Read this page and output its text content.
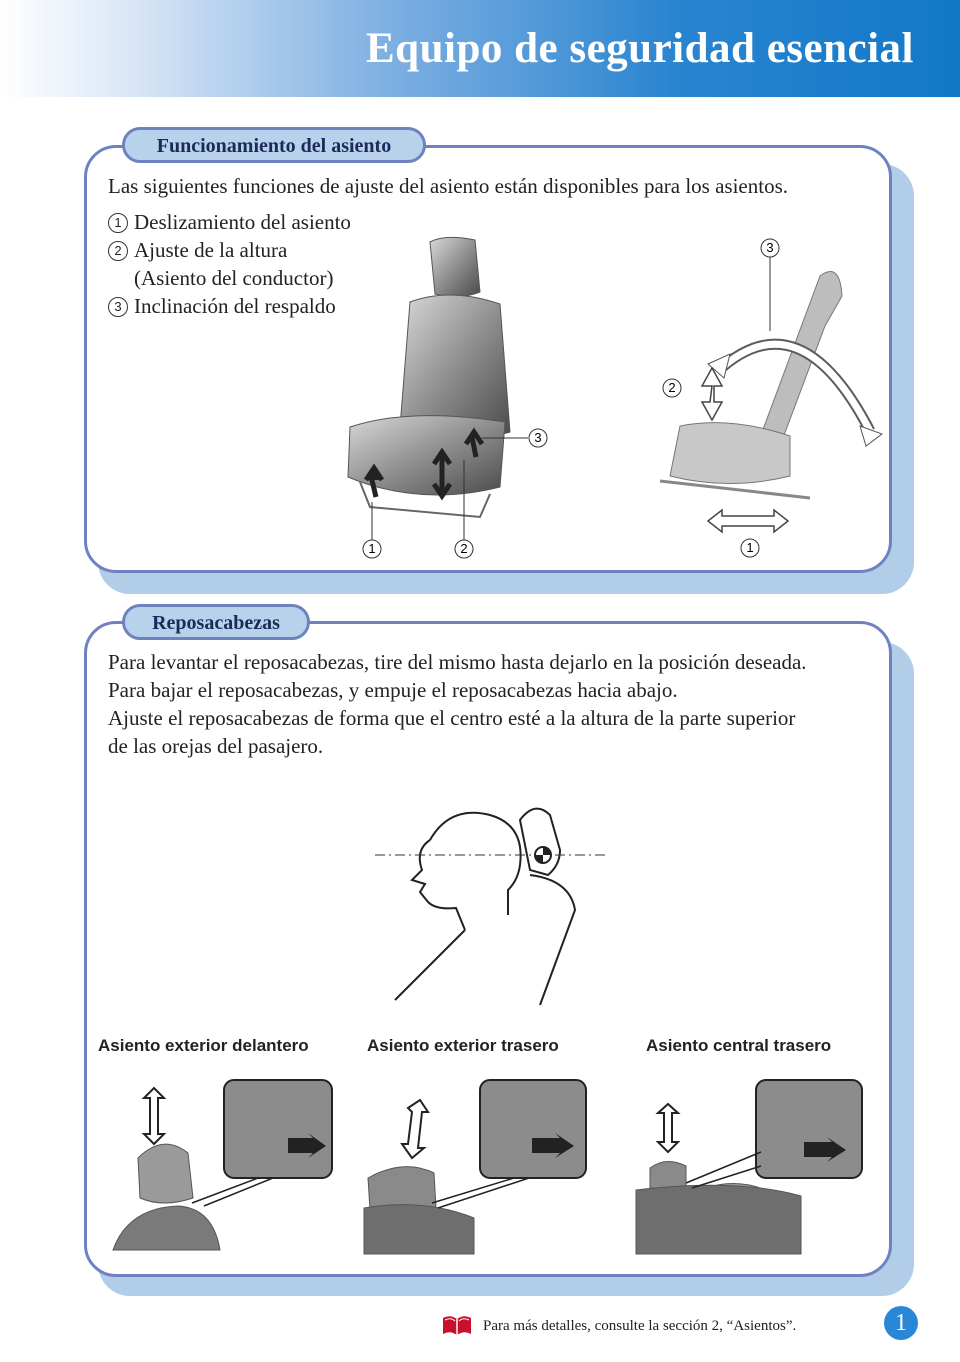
Equipo de seguridad esencial
Funcionamiento del asiento
Las siguientes funciones de ajuste del asiento están disponibles para los asientos.
1 Deslizamiento del asiento
2 Ajuste de la altura
(Asiento del conductor)
3 Inclinación del respaldo
1	2
3
3
2
1
Reposacabezas
Para levantar el reposacabezas, tire del mismo hasta dejarlo en la posición deseada.
Para bajar el reposacabezas, y empuje el reposacabezas hacia abajo.
Ajuste el reposacabezas de forma que el centro esté a la altura de la parte superior
de las orejas del pasajero.
Asiento exterior delantero	Asiento exterior trasero	Asiento central trasero
Para más detalles, consulte la sección 2, “Asientos”.	1
